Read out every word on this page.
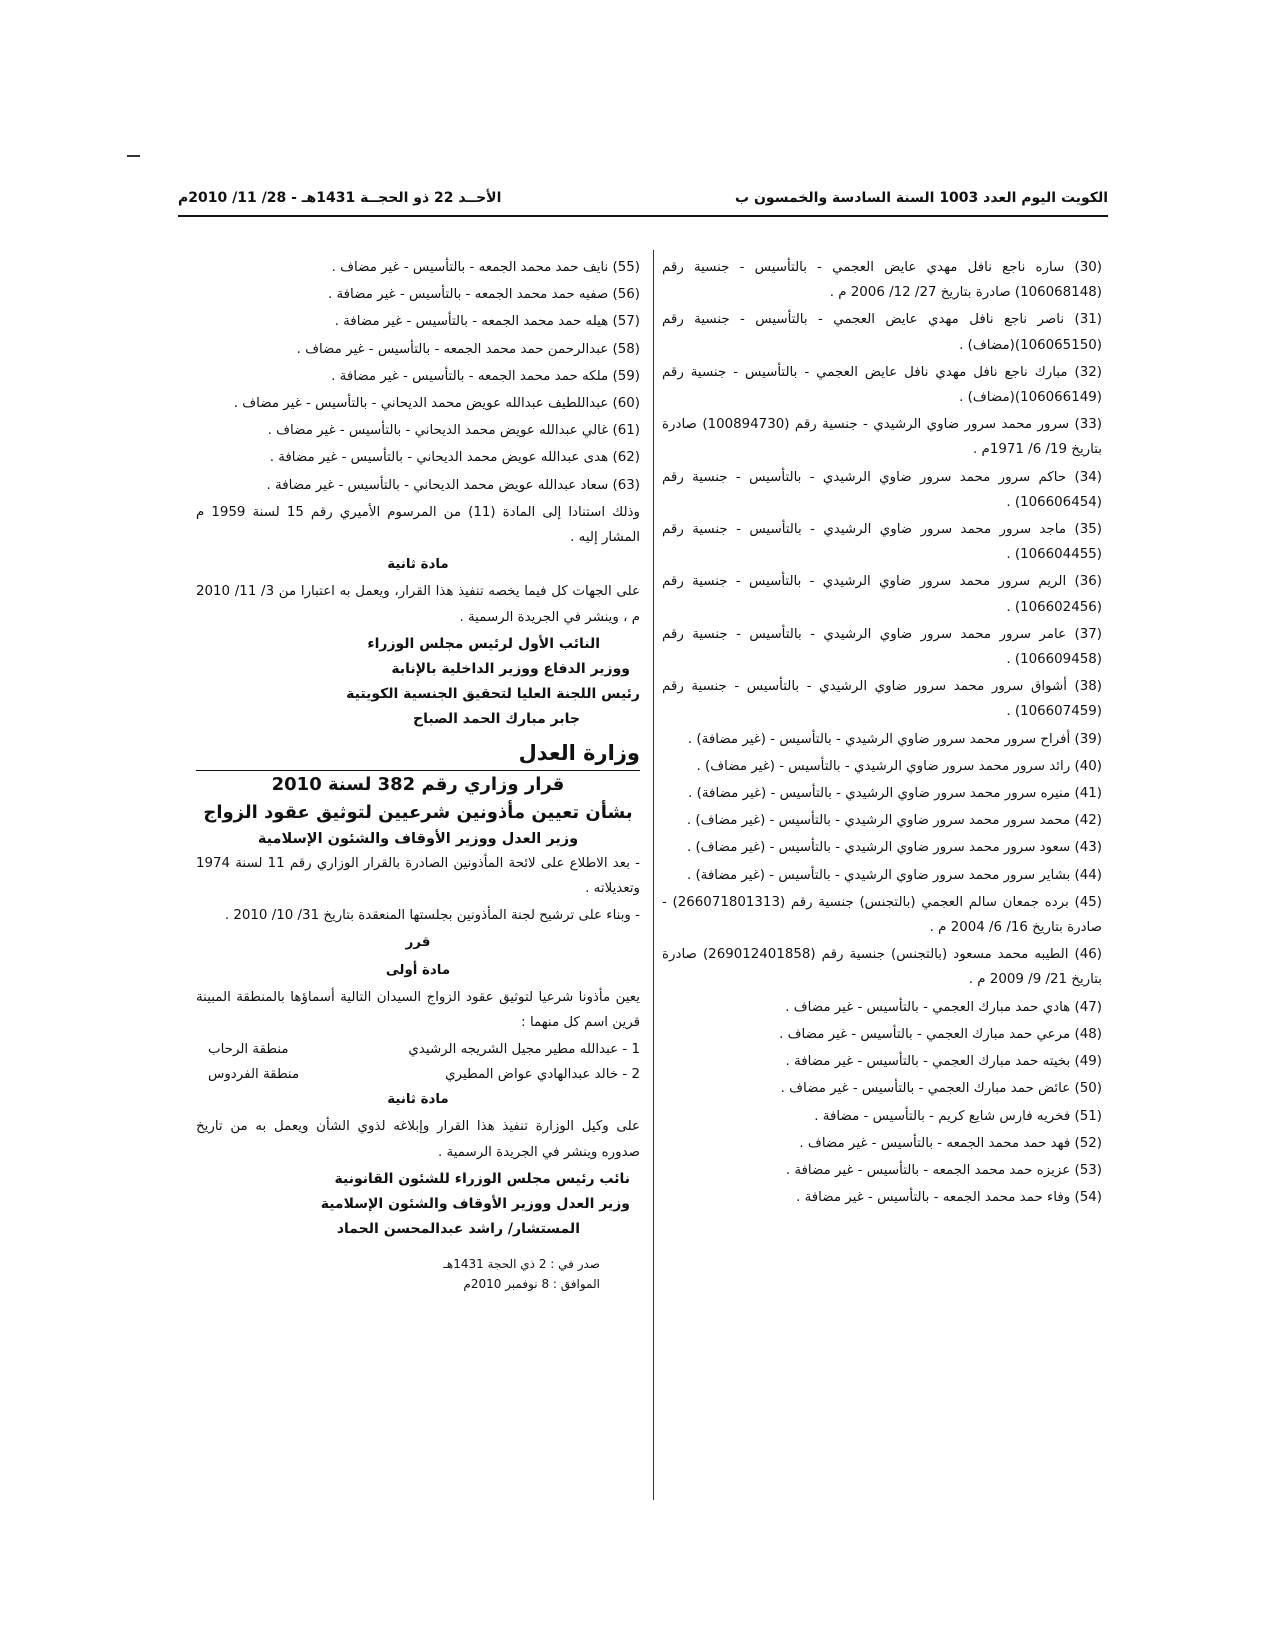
الكويت اليوم العدد 1003 السنة السادسة والخمسون ب
الأحــد 22 ذو الحجــة 1431هـ - 28/ 11/ 2010م

(30) ساره ناجع نافل مهدي عايض العجمي - بالتأسيس - جنسية رقم (106068148) صادرة بتاريخ 27/ 12/ 2006 م .

(31) ناصر ناجع نافل مهدي عايض العجمي - بالتأسيس - جنسية رقم (106065150)(مضاف) .

(32) مبارك ناجع نافل مهدي نافل عايض العجمي - بالتأسيس - جنسية رقم (106066149)(مضاف) .

(33) سرور محمد سرور ضاوي الرشيدي - جنسية رقم (100894730) صادرة بتاريخ 19/ 6/ 1971م .

(34) حاكم سرور محمد سرور ضاوي الرشيدي - بالتأسيس - جنسية رقم (106606454) .

(35) ماجد سرور محمد سرور ضاوي الرشيدي - بالتأسيس - جنسية رقم (106604455) .

(36) الريم سرور محمد سرور ضاوي الرشيدي - بالتأسيس - جنسية رقم (106602456) .

(37) عامر سرور محمد سرور ضاوي الرشيدي - بالتأسيس - جنسية رقم (106609458) .

(38) أشواق سرور محمد سرور ضاوي الرشيدي - بالتأسيس - جنسية رقم (106607459) .

(39) أفراح سرور محمد سرور ضاوي الرشيدي - بالتأسيس - (غير مضافة) .

(40) رائد سرور محمد سرور ضاوي الرشيدي - بالتأسيس - (غير مضاف) .

(41) منيره سرور محمد سرور ضاوي الرشيدي - بالتأسيس - (غير مضافة) .

(42) محمد سرور محمد سرور ضاوي الرشيدي - بالتأسيس - (غير مضاف) .

(43) سعود سرور محمد سرور ضاوي الرشيدي - بالتأسيس - (غير مضاف) .

(44) بشاير سرور محمد سرور ضاوي الرشيدي - بالتأسيس - (غير مضافة) .

(45) برده جمعان سالم العجمي (بالتجنس) جنسية رقم (266071801313) - صادرة بتاريخ 16/ 6/ 2004 م .

(46) الطيبه محمد مسعود (بالتجنس) جنسية رقم (269012401858) صادرة بتاريخ 21/ 9/ 2009 م .

(47) هادي حمد مبارك العجمي - بالتأسيس - غير مضاف .

(48) مرعي حمد مبارك العجمي - بالتأسيس - غير مضاف .

(49) بخيته حمد مبارك العجمي - بالتأسيس - غير مضافة .

(50) عائض حمد مبارك العجمي - بالتأسيس - غير مضاف .

(51) فخريه فارس شايع كريم - بالتأسيس - مضافة .

(52) فهد حمد محمد الجمعه - بالتأسيس - غير مضاف .

(53) عزيزه حمد محمد الجمعه - بالتأسيس - غير مضافة .

(54) وفاء حمد محمد الجمعه - بالتأسيس - غير مضافة .

(55) نايف حمد محمد الجمعه - بالتأسيس - غير مضاف .

(56) صفيه حمد محمد الجمعه - بالتأسيس - غير مضافة .

(57) هيله حمد محمد الجمعه - بالتأسيس - غير مضافة .

(58) عبدالرحمن حمد محمد الجمعه - بالتأسيس - غير مضاف .

(59) ملكه حمد محمد الجمعه - بالتأسيس - غير مضافة .

(60) عبداللطيف عبدالله عويض محمد الديحاني - بالتأسيس - غير مضاف .

(61) غالي عبدالله عويض محمد الديحاني - بالتأسيس - غير مضاف .

(62) هدى عبدالله عويض محمد الديحاني - بالتأسيس - غير مضافة .

(63) سعاد عبدالله عويض محمد الديحاني - بالتأسيس - غير مضافة .

وذلك استنادا إلى المادة (11) من المرسوم الأميري رقم 15 لسنة 1959 م المشار إليه .

مادة ثانية

على الجهات كل فيما يخصه تنفيذ هذا القرار، ويعمل به اعتبارا من 3/ 11/ 2010 م ، وينشر في الجريدة الرسمية .

النائب الأول لرئيس مجلس الوزراء
ووزير الدفاع ووزير الداخلية بالإنابة
رئيس اللجنة العليا لتحقيق الجنسية الكويتية
جابر مبارك الحمد الصباح
وزارة العدل
قرار وزاري رقم 382 لسنة 2010
بشأن تعيين مأذونين شرعيين لتوثيق عقود الزواج
وزير العدل ووزير الأوقاف والشئون الإسلامية

- بعد الاطلاع على لائحة المأذونين الصادرة بالقرار الوزاري رقم 11 لسنة 1974 وتعديلاته .

- وبناء على ترشيح لجنة المأذونين بجلستها المنعقدة بتاريخ 31/ 10/ 2010 .

قرر

مادة أولى

يعين مأذونا شرعيا لتوثيق عقود الزواج السيدان التالية أسماؤها بالمنطقة المبينة قرين اسم كل منهما :

1 - عبدالله مطير مجيل الشريجه الرشيدي
منطقة الرحاب
2 - خالد عبدالهادي عواض المطيري
منطقة الفردوس

مادة ثانية

على وكيل الوزارة تنفيذ هذا القرار وإبلاغه لذوي الشأن ويعمل به من تاريخ صدوره وينشر في الجريدة الرسمية .

نائب رئيس مجلس الوزراء للشئون القانونية
وزير العدل ووزير الأوقاف والشئون الإسلامية
المستشار/ راشد عبدالمحسن الحماد
صدر في : 2 ذي الحجة 1431هـ
الموافق : 8 نوفمبر 2010م
